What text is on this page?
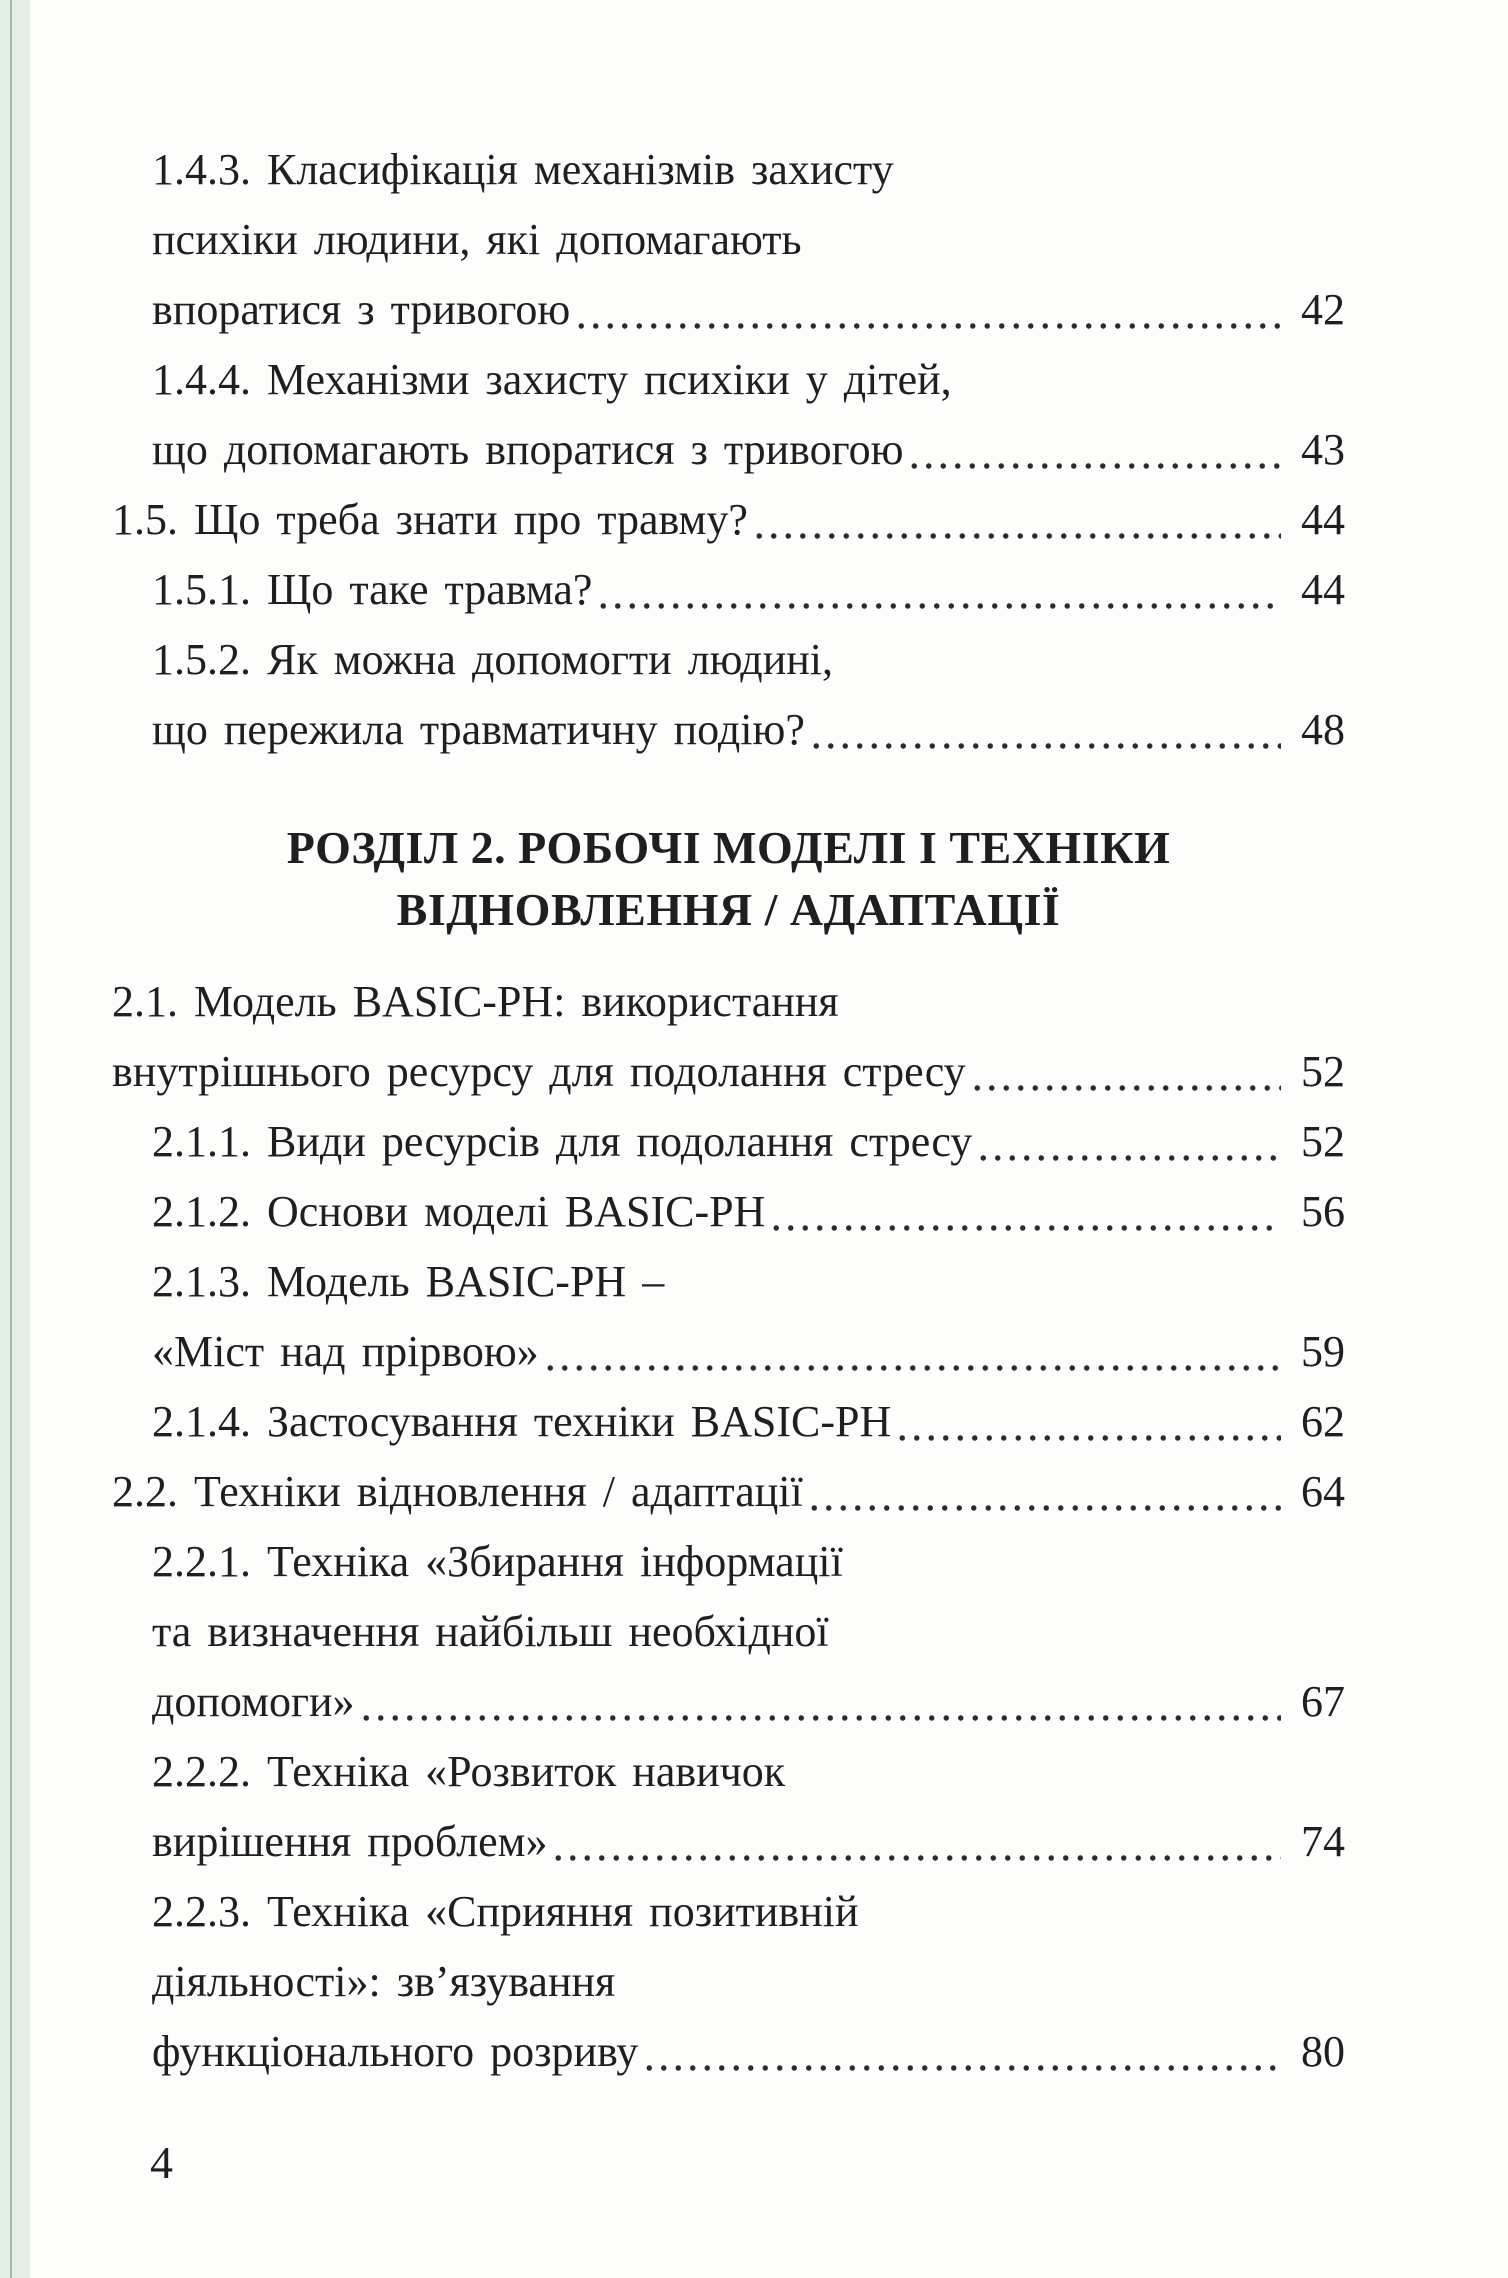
1.4.3. Класифікація механізмів захисту
психіки людини, які допомагають
впоратися з тривогою	42
1.4.4. Механізми захисту психіки у дітей,
що допомагають впоратися з тривогою	43
1.5. Що треба знати про травму?	44
1.5.1. Що таке травма?	44
1.5.2. Як можна допомогти людині,
що пережила травматичну подію?	48
РОЗДІЛ 2. РОБОЧІ МОДЕЛІ І ТЕХНІКИ
ВІДНОВЛЕННЯ / АДАПТАЦІЇ
2.1. Модель BASIC-PH: використання
внутрішнього ресурсу для подолання стресу	52
2.1.1. Види ресурсів для подолання стресу	52
2.1.2. Основи моделі BASIC-PH	56
2.1.3. Модель BASIC-PH –
«Міст над прірвою»	59
2.1.4. Застосування техніки BASIC-PH	62
2.2. Техніки відновлення / адаптації	64
2.2.1. Техніка «Збирання інформації
та визначення найбільш необхідної
допомоги»	67
2.2.2. Техніка «Розвиток навичок
вирішення проблем»	74
2.2.3. Техніка «Сприяння позитивній
діяльності»: зв’язування
функціонального розриву	80
4
